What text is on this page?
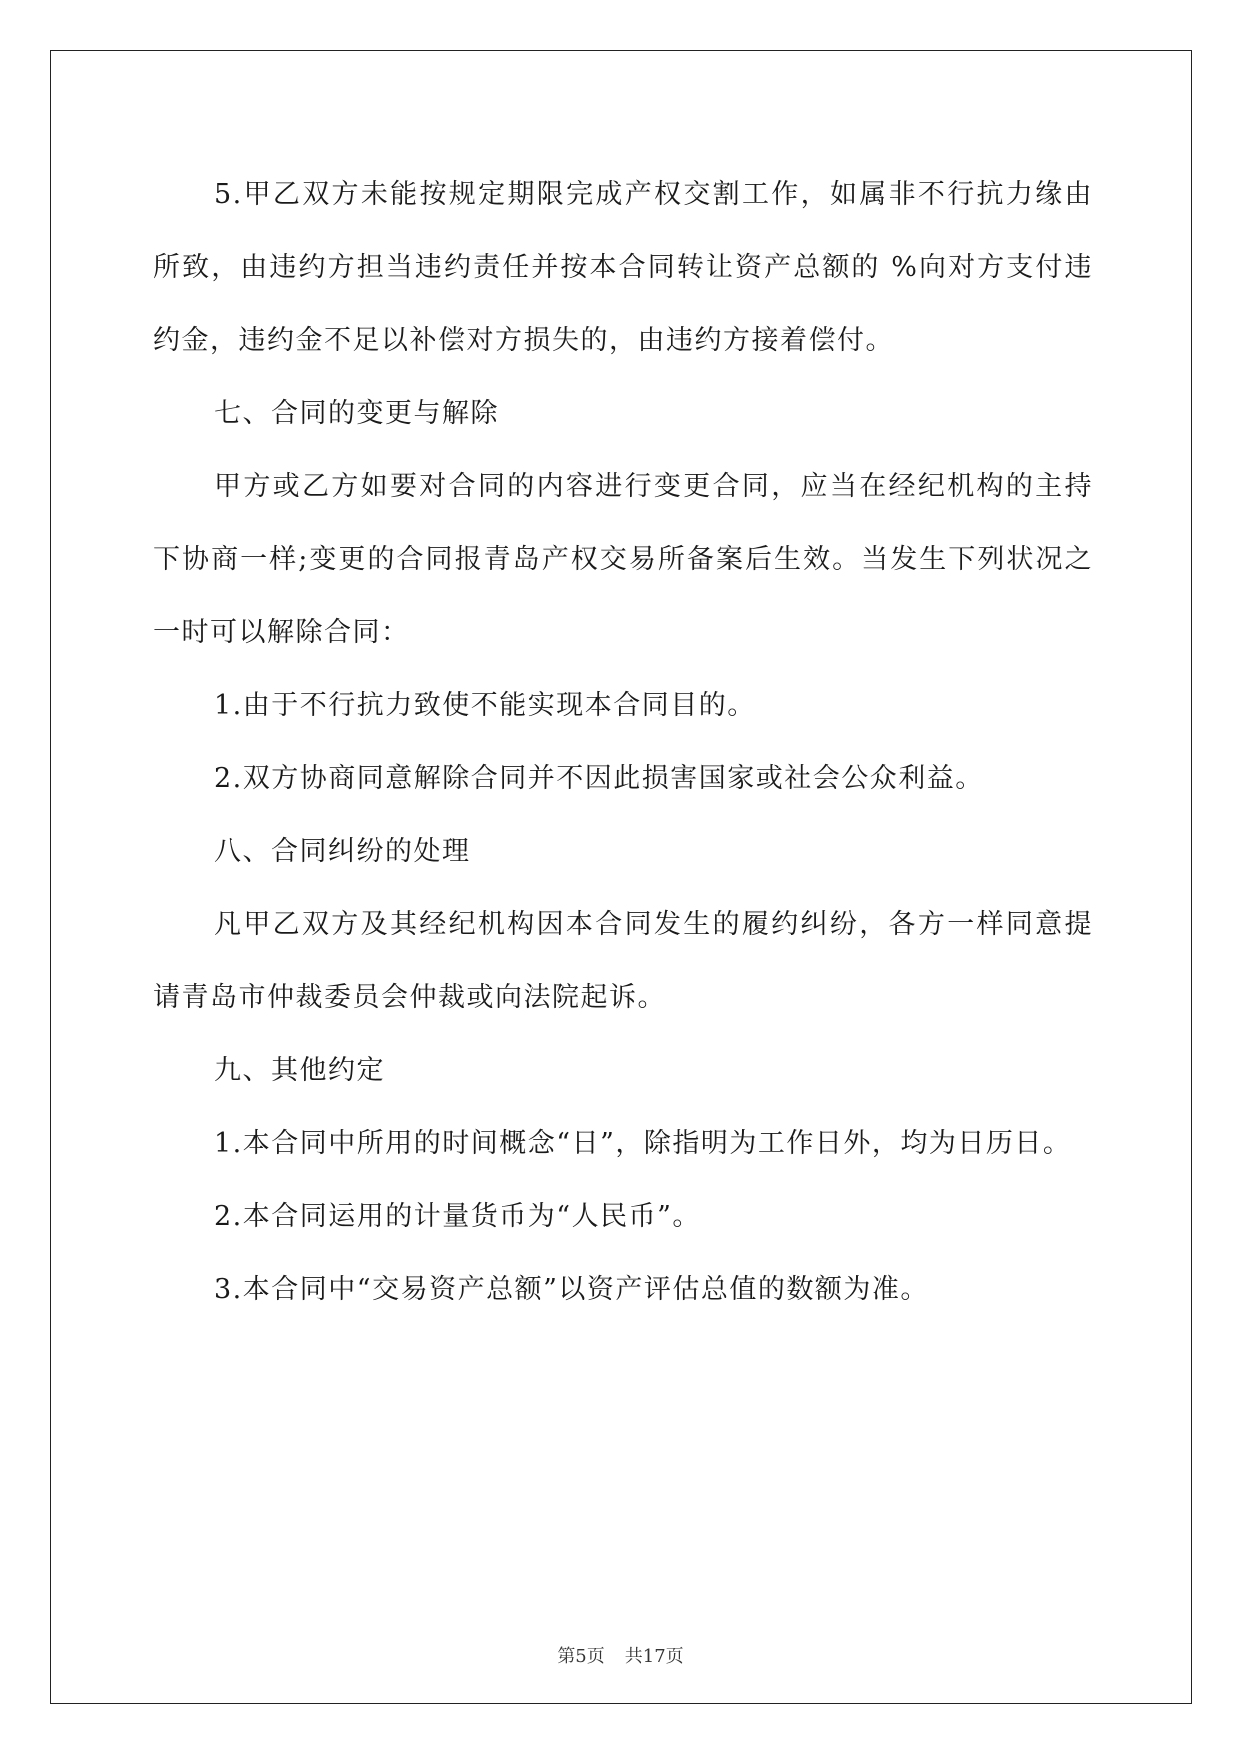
5.甲乙双方未能按规定期限完成产权交割工作，如属非不行抗力缘由所致，由违约方担当违约责任并按本合同转让资产总额的 %向对方支付违约金，违约金不足以补偿对方损失的，由违约方接着偿付。

七、合同的变更与解除

甲方或乙方如要对合同的内容进行变更合同，应当在经纪机构的主持下协商一样;变更的合同报青岛产权交易所备案后生效。当发生下列状况之一时可以解除合同：

1.由于不行抗力致使不能实现本合同目的。

2.双方协商同意解除合同并不因此损害国家或社会公众利益。

八、合同纠纷的处理

凡甲乙双方及其经纪机构因本合同发生的履约纠纷，各方一样同意提请青岛市仲裁委员会仲裁或向法院起诉。

九、其他约定

1.本合同中所用的时间概念“日”，除指明为工作日外，均为日历日。

2.本合同运用的计量货币为“人民币”。

3.本合同中“交易资产总额”以资产评估总值的数额为准。

第5页 共17页
